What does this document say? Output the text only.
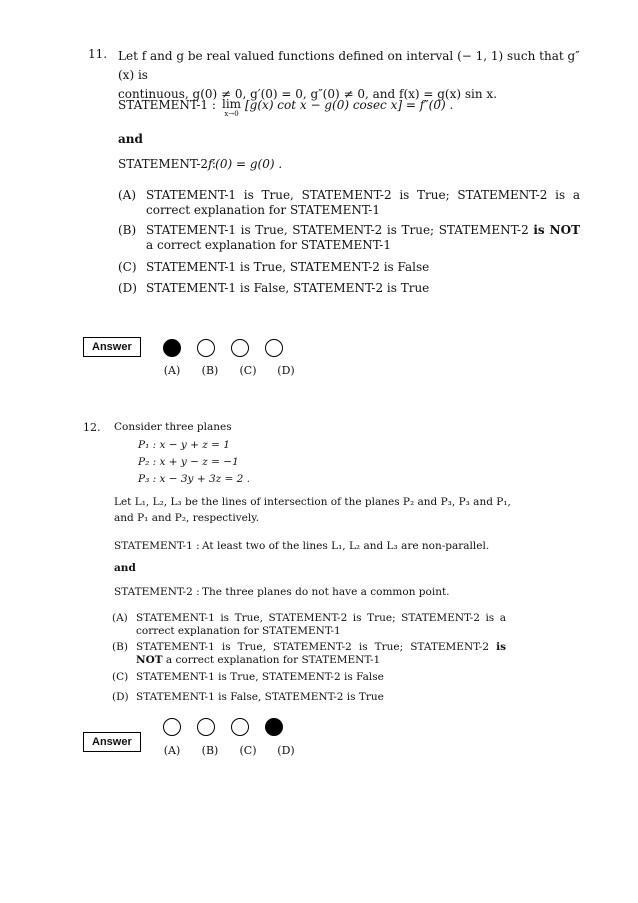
11. Let f and g be real valued functions defined on interval (− 1, 1) such that g″(x) is
continuous, g(0) ≠ 0, g′(0) = 0, g″(0) ≠ 0, and f(x) = g(x) sin x.
STATEMENT-1 : lim
x→0
[g(x) cot x − g(0) cosec x] = f″(0) .
and
STATEMENT-2 :
f′(0) = g(0) .
(A) STATEMENT-1 is True, STATEMENT-2 is True; STATEMENT-2 is a correct explanation for STATEMENT-1
(B) STATEMENT-1 is True, STATEMENT-2 is True; STATEMENT-2 is NOT a correct explanation for STATEMENT-1
(C) STATEMENT-1 is True, STATEMENT-2 is False
(D) STATEMENT-1 is False, STATEMENT-2 is True
Answer
(A)	(B)	(C)	(D)
12. Consider three planes
P₁ : x − y + z = 1
P₂ : x + y − z = −1
P₃ : x − 3y + 3z = 2 .
Let L₁, L₂, L₃ be the lines of intersection of the planes P₂ and P₃, P₃ and P₁,
and P₁ and P₂, respectively.
STATEMENT-1 : At least two of the lines L₁, L₂ and L₃ are non-parallel.
and
STATEMENT-2 : The three planes do not have a common point.
(A) STATEMENT-1 is True, STATEMENT-2 is True; STATEMENT-2 is a correct explanation for STATEMENT-1
(B) STATEMENT-1 is True, STATEMENT-2 is True; STATEMENT-2 is NOT a correct explanation for STATEMENT-1
(C) STATEMENT-1 is True, STATEMENT-2 is False
(D) STATEMENT-1 is False, STATEMENT-2 is True
Answer
(A)	(B)	(C)	(D)
